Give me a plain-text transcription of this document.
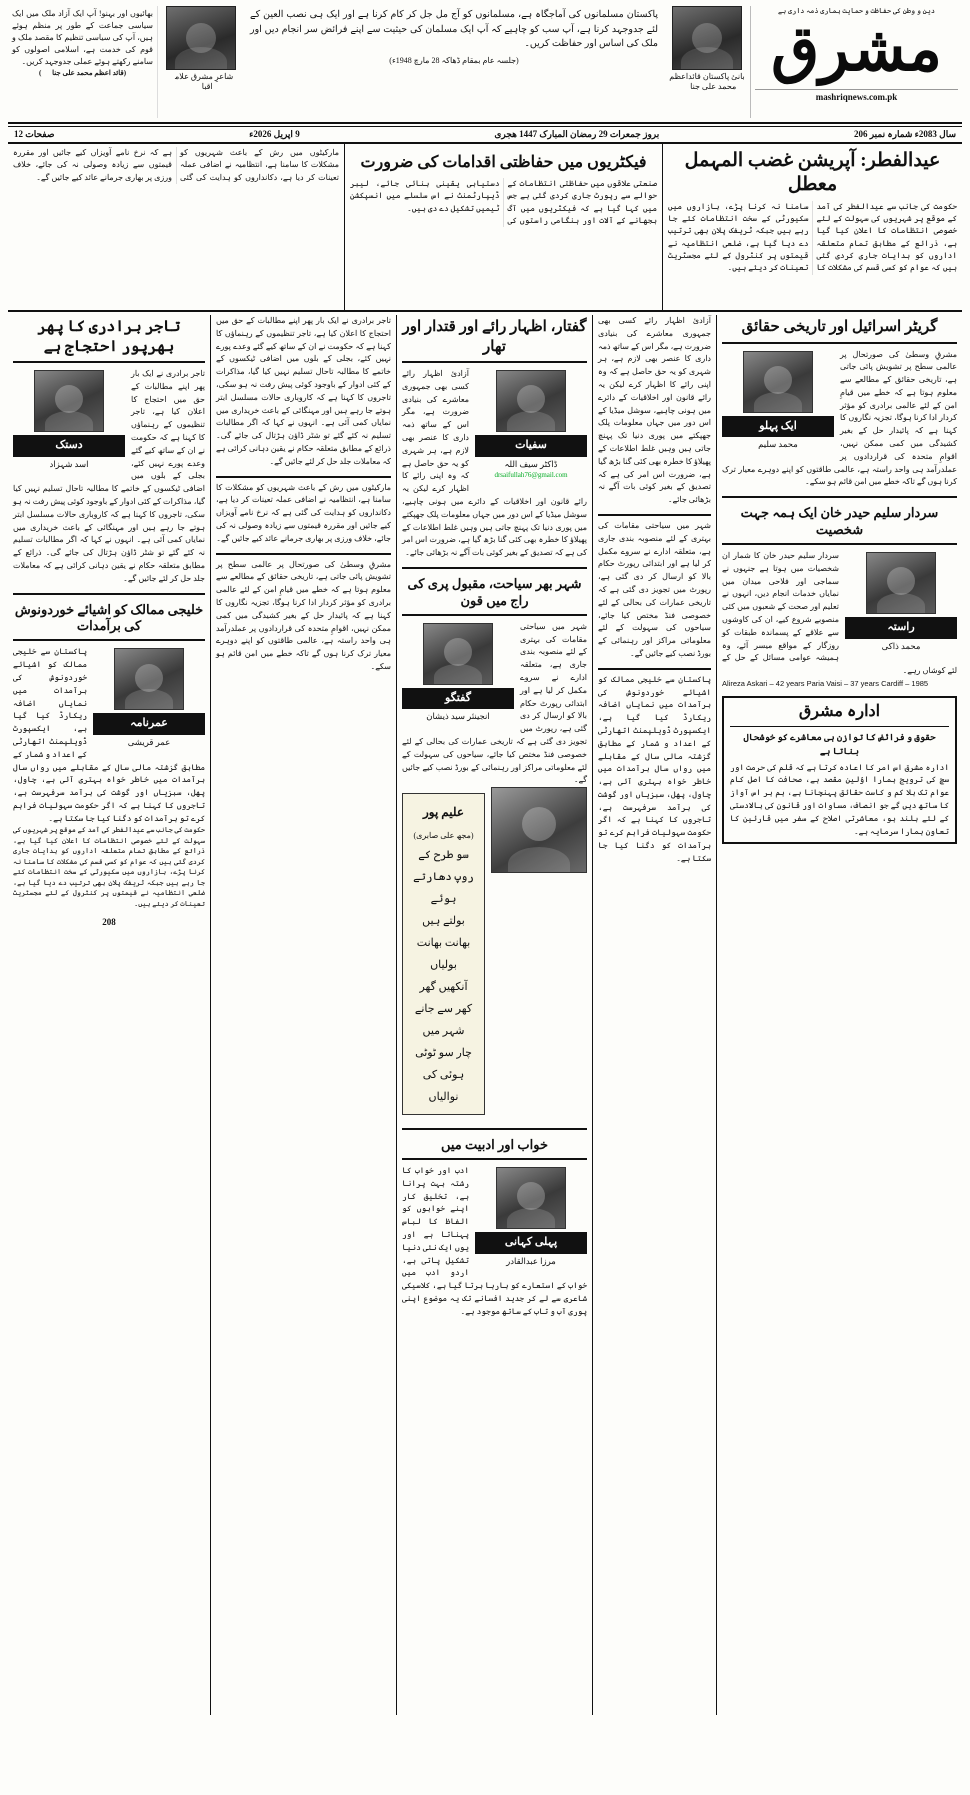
دین و وطن کی حفاظت و حمایت ہماری ذمہ داری ہے
مشرق
mashriqnews.com.pk
بانیٔ پاکستان قائداعظم محمد علی جناحؒ
پاکستان مسلمانوں کی آماجگاہ ہے، مسلمانوں کو آج مل جل کر کام کرنا ہے اور ایک ہی نصب العین کے لئے جدوجہد کرنا ہے، آپ سب کو چاہیے کہ آپ ایک مسلمان کی حیثیت سے اپنے فرائض سر انجام دیں اور ملک کی اساس اور حفاظت کریں۔
(جلسہ عام بمقام ڈھاکہ 28 مارچ 1948ء)
شاعرِ مشرق علامہ اقبالؒ
بھائیوں اور بہنو! آپ ایک آزاد ملک میں ایک سیاسی جماعت کے طور پر منظم ہوئے ہیں، آپ کی سیاسی تنظیم کا مقصد ملک و قوم کی خدمت ہے، اسلامی اصولوں کو سامنے رکھتے ہوئے عملی جدوجہد کریں۔
(قائد اعظم محمد علی جناحؒ)
سال 2083ء شمارہ نمبر 206
بروز جمعرات 29 رمضان المبارک 1447 ھجری
9 اپریل 2026ء
صفحات 12
عیدالفطر: آپریشن غضب المہمل معطل
حکومت کی جانب سے عیدالفطر کی آمد کے موقع پر شہریوں کی سہولت کے لئے خصوصی انتظامات کا اعلان کیا گیا ہے، ذرائع کے مطابق تمام متعلقہ اداروں کو ہدایات جاری کردی گئی ہیں کہ عوام کو کسی قسم کی مشکلات کا سامنا نہ کرنا پڑے، بازاروں میں سکیورٹی کے سخت انتظامات کئے جا رہے ہیں جبکہ ٹریفک پلان بھی ترتیب دے دیا گیا ہے، ضلعی انتظامیہ نے قیمتوں پر کنٹرول کے لئے مجسٹریٹ تعینات کر دیئے ہیں۔
فیکٹریوں میں حفاظتی اقدامات کی ضرورت
صنعتی علاقوں میں حفاظتی انتظامات کے حوالے سے رپورٹ جاری کردی گئی ہے جس میں کہا گیا ہے کہ فیکٹریوں میں آگ بجھانے کے آلات اور ہنگامی راستوں کی دستیابی یقینی بنائی جائے، لیبر ڈیپارٹمنٹ نے اس سلسلے میں انسپکشن ٹیمیں تشکیل دے دی ہیں۔
مارکیٹوں میں رش کے باعث شہریوں کو مشکلات کا سامنا ہے، انتظامیہ نے اضافی عملہ تعینات کر دیا ہے، دکانداروں کو ہدایت کی گئی ہے کہ نرخ نامے آویزاں کیے جائیں اور مقررہ قیمتوں سے زیادہ وصولی نہ کی جائے، خلاف ورزی پر بھاری جرمانے عائد کیے جائیں گے۔
گریٹر اسرائیل اور تاریخی حقائق
ایک پہلو
محمد سلیم
مشرقِ وسطیٰ کی صورتحال پر عالمی سطح پر تشویش پائی جاتی ہے، تاریخی حقائق کے مطالعے سے معلوم ہوتا ہے کہ خطے میں قیامِ امن کے لئے عالمی برادری کو مؤثر کردار ادا کرنا ہوگا، تجزیہ نگاروں کا کہنا ہے کہ پائیدار حل کے بغیر کشیدگی میں کمی ممکن نہیں، اقوامِ متحدہ کی قراردادوں پر عملدرآمد ہی واحد راستہ ہے، عالمی طاقتوں کو اپنے دوہرے معیار ترک کرنا ہوں گے تاکہ خطے میں امن قائم ہو سکے۔
سردار سلیم حیدر خان ایک ہمہ جہت شخصیت
راستہ
محمد ذاکی
سردار سلیم حیدر خان کا شمار ان شخصیات میں ہوتا ہے جنہوں نے سماجی اور فلاحی میدان میں نمایاں خدمات انجام دیں، انہوں نے تعلیم اور صحت کے شعبوں میں کئی منصوبے شروع کیے، ان کی کاوشوں سے علاقے کے پسماندہ طبقات کو روزگار کے مواقع میسر آئے، وہ ہمیشہ عوامی مسائل کے حل کے لئے کوشاں رہے۔
Alireza Askari – 42 years Paria Vaisi – 37 years Cardiff – 1985
ادارہ مشرق
حقوق و فرائض کا توازن ہی معاشرے کو خوشحال بناتا ہے
ادارہ مشرق اس امر کا اعادہ کرتا ہے کہ قلم کی حرمت اور سچ کی ترویج ہمارا اوّلین مقصد ہے، صحافت کا اصل کام عوام تک بلا کم و کاست حقائق پہنچانا ہے، ہم ہر اس آواز کا ساتھ دیں گے جو انصاف، مساوات اور قانون کی بالادستی کے لئے بلند ہو، معاشرتی اصلاح کے سفر میں قارئین کا تعاون ہمارا سرمایہ ہے۔
آزادیٔ اظہار رائے کسی بھی جمہوری معاشرے کی بنیادی ضرورت ہے، مگر اس کے ساتھ ذمہ داری کا عنصر بھی لازم ہے، ہر شہری کو یہ حق حاصل ہے کہ وہ اپنی رائے کا اظہار کرے لیکن یہ رائے قانون اور اخلاقیات کے دائرے میں ہونی چاہیے، سوشل میڈیا کے اس دور میں جہاں معلومات پلک جھپکتے میں پوری دنیا تک پہنچ جاتی ہیں وہیں غلط اطلاعات کے پھیلاؤ کا خطرہ بھی کئی گنا بڑھ گیا ہے، ضرورت اس امر کی ہے کہ تصدیق کے بغیر کوئی بات آگے نہ بڑھائی جائے۔
شہر میں سیاحتی مقامات کی بہتری کے لئے منصوبہ بندی جاری ہے، متعلقہ ادارے نے سروے مکمل کر لیا ہے اور ابتدائی رپورٹ حکام بالا کو ارسال کر دی گئی ہے، رپورٹ میں تجویز دی گئی ہے کہ تاریخی عمارات کی بحالی کے لئے خصوصی فنڈ مختص کیا جائے، سیاحوں کی سہولت کے لئے معلوماتی مراکز اور رہنمائی کے بورڈ نصب کیے جائیں گے۔
پاکستان سے خلیجی ممالک کو اشیائے خوردونوش کی برآمدات میں نمایاں اضافہ ریکارڈ کیا گیا ہے، ایکسپورٹ ڈویلپمنٹ اتھارٹی کے اعداد و شمار کے مطابق گزشتہ مالی سال کے مقابلے میں رواں سال برآمدات میں خاطر خواہ بہتری آئی ہے، چاول، پھل، سبزیاں اور گوشت کی برآمد سرفہرست ہے، تاجروں کا کہنا ہے کہ اگر حکومت سہولیات فراہم کرے تو برآمدات کو دگنا کیا جا سکتا ہے۔
گفتار، اظہار رائے اور قتدار اور تھار
سفیات
ڈاکٹر سیف اللہ
drsaifullah76@gmail.com
آزادیٔ اظہار رائے کسی بھی جمہوری معاشرے کی بنیادی ضرورت ہے، مگر اس کے ساتھ ذمہ داری کا عنصر بھی لازم ہے، ہر شہری کو یہ حق حاصل ہے کہ وہ اپنی رائے کا اظہار کرے لیکن یہ رائے قانون اور اخلاقیات کے دائرے میں ہونی چاہیے، سوشل میڈیا کے اس دور میں جہاں معلومات پلک جھپکتے میں پوری دنیا تک پہنچ جاتی ہیں وہیں غلط اطلاعات کے پھیلاؤ کا خطرہ بھی کئی گنا بڑھ گیا ہے، ضرورت اس امر کی ہے کہ تصدیق کے بغیر کوئی بات آگے نہ بڑھائی جائے۔
شہر بھر سیاحت، مقبول پری کی راج میں قون
گفتگو
انجینئر سید ذیشان
شہر میں سیاحتی مقامات کی بہتری کے لئے منصوبہ بندی جاری ہے، متعلقہ ادارے نے سروے مکمل کر لیا ہے اور ابتدائی رپورٹ حکام بالا کو ارسال کر دی گئی ہے، رپورٹ میں تجویز دی گئی ہے کہ تاریخی عمارات کی بحالی کے لئے خصوصی فنڈ مختص کیا جائے، سیاحوں کی سہولت کے لئے معلوماتی مراکز اور رہنمائی کے بورڈ نصب کیے جائیں گے۔
علیم پور
(مجھ علی صابری)
سو طرح کے روپ دھارتے ہوئے
بولتے ہیں بھانت بھانت بولیاں
آنکھیں گھر کھر سے جانے شہر میں
چار سو ٹوٹی ہوئی کی نوالیاں
خواب اور ادبیت میں
پہلی کہانی
مرزا عبدالقادر
ادب اور خواب کا رشتہ بہت پرانا ہے، تخلیق کار اپنے خوابوں کو الفاظ کا لباس پہناتا ہے اور یوں ایک نئی دنیا تشکیل پاتی ہے، اردو ادب میں خواب کے استعارے کو بارہا برتا گیا ہے، کلاسیکی شاعری سے لے کر جدید افسانے تک یہ موضوع اپنی پوری آب و تاب کے ساتھ موجود ہے۔
تاجر برادری نے ایک بار پھر اپنے مطالبات کے حق میں احتجاج کا اعلان کیا ہے، تاجر تنظیموں کے رہنماؤں کا کہنا ہے کہ حکومت نے ان کے ساتھ کیے گئے وعدے پورے نہیں کئے، بجلی کے بلوں میں اضافی ٹیکسوں کے خاتمے کا مطالبہ تاحال تسلیم نہیں کیا گیا، مذاکرات کے کئی ادوار کے باوجود کوئی پیش رفت نہ ہو سکی، تاجروں کا کہنا ہے کہ کاروباری حالات مسلسل ابتر ہوتے جا رہے ہیں اور مہنگائی کے باعث خریداری میں نمایاں کمی آئی ہے۔ انہوں نے کہا کہ اگر مطالبات تسلیم نہ کئے گئے تو شٹر ڈاؤن ہڑتال کی جائے گی۔ ذرائع کے مطابق متعلقہ حکام نے یقین دہانی کرائی ہے کہ معاملات جلد حل کر لئے جائیں گے۔
مارکیٹوں میں رش کے باعث شہریوں کو مشکلات کا سامنا ہے، انتظامیہ نے اضافی عملہ تعینات کر دیا ہے، دکانداروں کو ہدایت کی گئی ہے کہ نرخ نامے آویزاں کیے جائیں اور مقررہ قیمتوں سے زیادہ وصولی نہ کی جائے، خلاف ورزی پر بھاری جرمانے عائد کیے جائیں گے۔
مشرقِ وسطیٰ کی صورتحال پر عالمی سطح پر تشویش پائی جاتی ہے، تاریخی حقائق کے مطالعے سے معلوم ہوتا ہے کہ خطے میں قیامِ امن کے لئے عالمی برادری کو مؤثر کردار ادا کرنا ہوگا، تجزیہ نگاروں کا کہنا ہے کہ پائیدار حل کے بغیر کشیدگی میں کمی ممکن نہیں، اقوامِ متحدہ کی قراردادوں پر عملدرآمد ہی واحد راستہ ہے، عالمی طاقتوں کو اپنے دوہرے معیار ترک کرنا ہوں گے تاکہ خطے میں امن قائم ہو سکے۔
تاجر برادری کا پھر بھرپور احتجاج ہے
دستک
اسد شہزاد
تاجر برادری نے ایک بار پھر اپنے مطالبات کے حق میں احتجاج کا اعلان کیا ہے، تاجر تنظیموں کے رہنماؤں کا کہنا ہے کہ حکومت نے ان کے ساتھ کیے گئے وعدے پورے نہیں کئے، بجلی کے بلوں میں اضافی ٹیکسوں کے خاتمے کا مطالبہ تاحال تسلیم نہیں کیا گیا، مذاکرات کے کئی ادوار کے باوجود کوئی پیش رفت نہ ہو سکی، تاجروں کا کہنا ہے کہ کاروباری حالات مسلسل ابتر ہوتے جا رہے ہیں اور مہنگائی کے باعث خریداری میں نمایاں کمی آئی ہے۔ انہوں نے کہا کہ اگر مطالبات تسلیم نہ کئے گئے تو شٹر ڈاؤن ہڑتال کی جائے گی۔ ذرائع کے مطابق متعلقہ حکام نے یقین دہانی کرائی ہے کہ معاملات جلد حل کر لئے جائیں گے۔
خلیجی ممالک کو اشیائے خوردونوش کی برآمدات
عمرنامہ
عمر قریشی
پاکستان سے خلیجی ممالک کو اشیائے خوردونوش کی برآمدات میں نمایاں اضافہ ریکارڈ کیا گیا ہے، ایکسپورٹ ڈویلپمنٹ اتھارٹی کے اعداد و شمار کے مطابق گزشتہ مالی سال کے مقابلے میں رواں سال برآمدات میں خاطر خواہ بہتری آئی ہے، چاول، پھل، سبزیاں اور گوشت کی برآمد سرفہرست ہے، تاجروں کا کہنا ہے کہ اگر حکومت سہولیات فراہم کرے تو برآمدات کو دگنا کیا جا سکتا ہے۔
حکومت کی جانب سے عیدالفطر کی آمد کے موقع پر شہریوں کی سہولت کے لئے خصوصی انتظامات کا اعلان کیا گیا ہے، ذرائع کے مطابق تمام متعلقہ اداروں کو ہدایات جاری کردی گئی ہیں کہ عوام کو کسی قسم کی مشکلات کا سامنا نہ کرنا پڑے، بازاروں میں سکیورٹی کے سخت انتظامات کئے جا رہے ہیں جبکہ ٹریفک پلان بھی ترتیب دے دیا گیا ہے، ضلعی انتظامیہ نے قیمتوں پر کنٹرول کے لئے مجسٹریٹ تعینات کر دیئے ہیں۔
208
